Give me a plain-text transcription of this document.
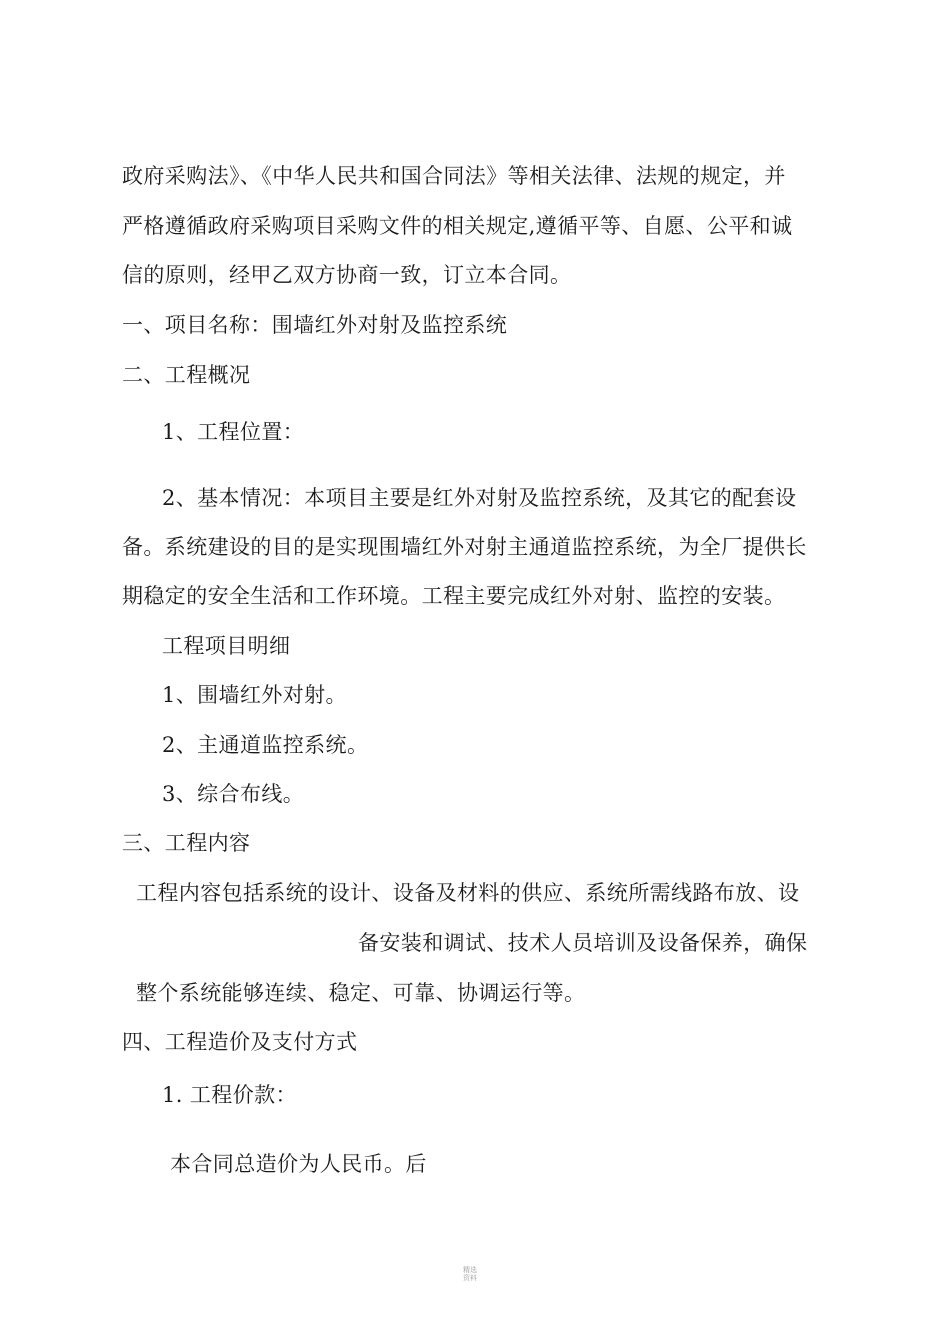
政府采购法》、《中华人民共和国合同法》等相关法律、法规的规定，并
严格遵循政府采购项目采购文件的相关规定,遵循平等、自愿、公平和诚
信的原则，经甲乙双方协商一致，订立本合同。
一、项目名称：围墙红外对射及监控系统
二、工程概况
1、工程位置：
2、基本情况：本项目主要是红外对射及监控系统，及其它的配套设
备。系统建设的目的是实现围墙红外对射主通道监控系统，为全厂提供长
期稳定的安全生活和工作环境。工程主要完成红外对射、监控的安装。
工程项目明细
1、围墙红外对射。
2、主通道监控系统。
3、综合布线。
三、工程内容
工程内容包括系统的设计、设备及材料的供应、系统所需线路布放、设
备安装和调试、技术人员培训及设备保养，确保
整个系统能够连续、稳定、可靠、协调运行等。
四、工程造价及支付方式
1. 工程价款：
本合同总造价为人民币。后
精选
资料
